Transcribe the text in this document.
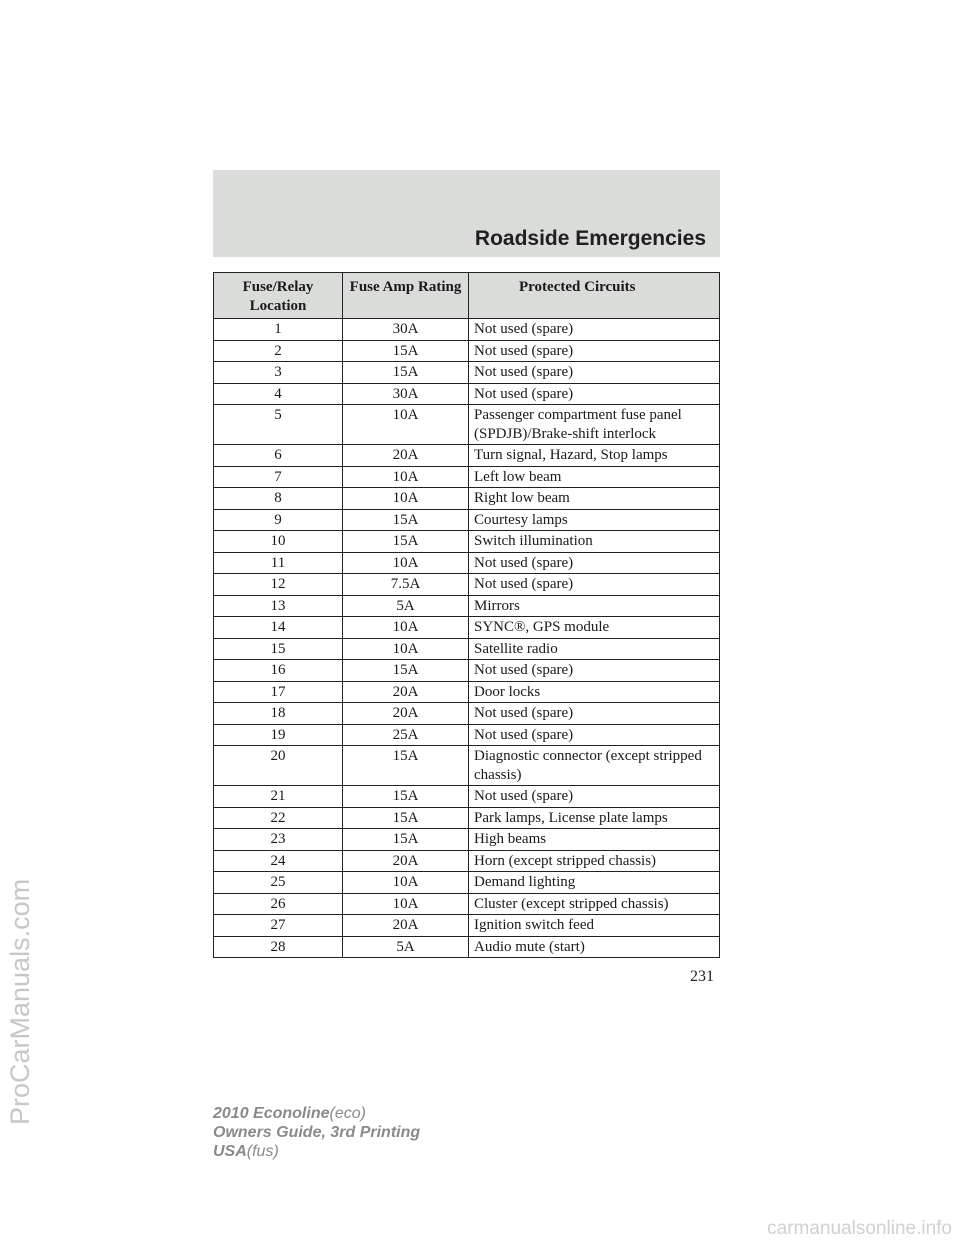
Roadside Emergencies
Fuse/Relay Location	Fuse Amp Rating	Protected Circuits
1	30A	Not used (spare)
2	15A	Not used (spare)
3	15A	Not used (spare)
4	30A	Not used (spare)
5	10A	Passenger compartment fuse panel (SPDJB)/Brake-shift interlock
6	20A	Turn signal, Hazard, Stop lamps
7	10A	Left low beam
8	10A	Right low beam
9	15A	Courtesy lamps
10	15A	Switch illumination
11	10A	Not used (spare)
12	7.5A	Not used (spare)
13	5A	Mirrors
14	10A	SYNC®, GPS module
15	10A	Satellite radio
16	15A	Not used (spare)
17	20A	Door locks
18	20A	Not used (spare)
19	25A	Not used (spare)
20	15A	Diagnostic connector (except stripped chassis)
21	15A	Not used (spare)
22	15A	Park lamps, License plate lamps
23	15A	High beams
24	20A	Horn (except stripped chassis)
25	10A	Demand lighting
26	10A	Cluster (except stripped chassis)
27	20A	Ignition switch feed
28	5A	Audio mute (start)
231
2010 Econoline(eco)
Owners Guide, 3rd Printing
USA(fus)
ProCarManuals.com
carmanualsonline.info
